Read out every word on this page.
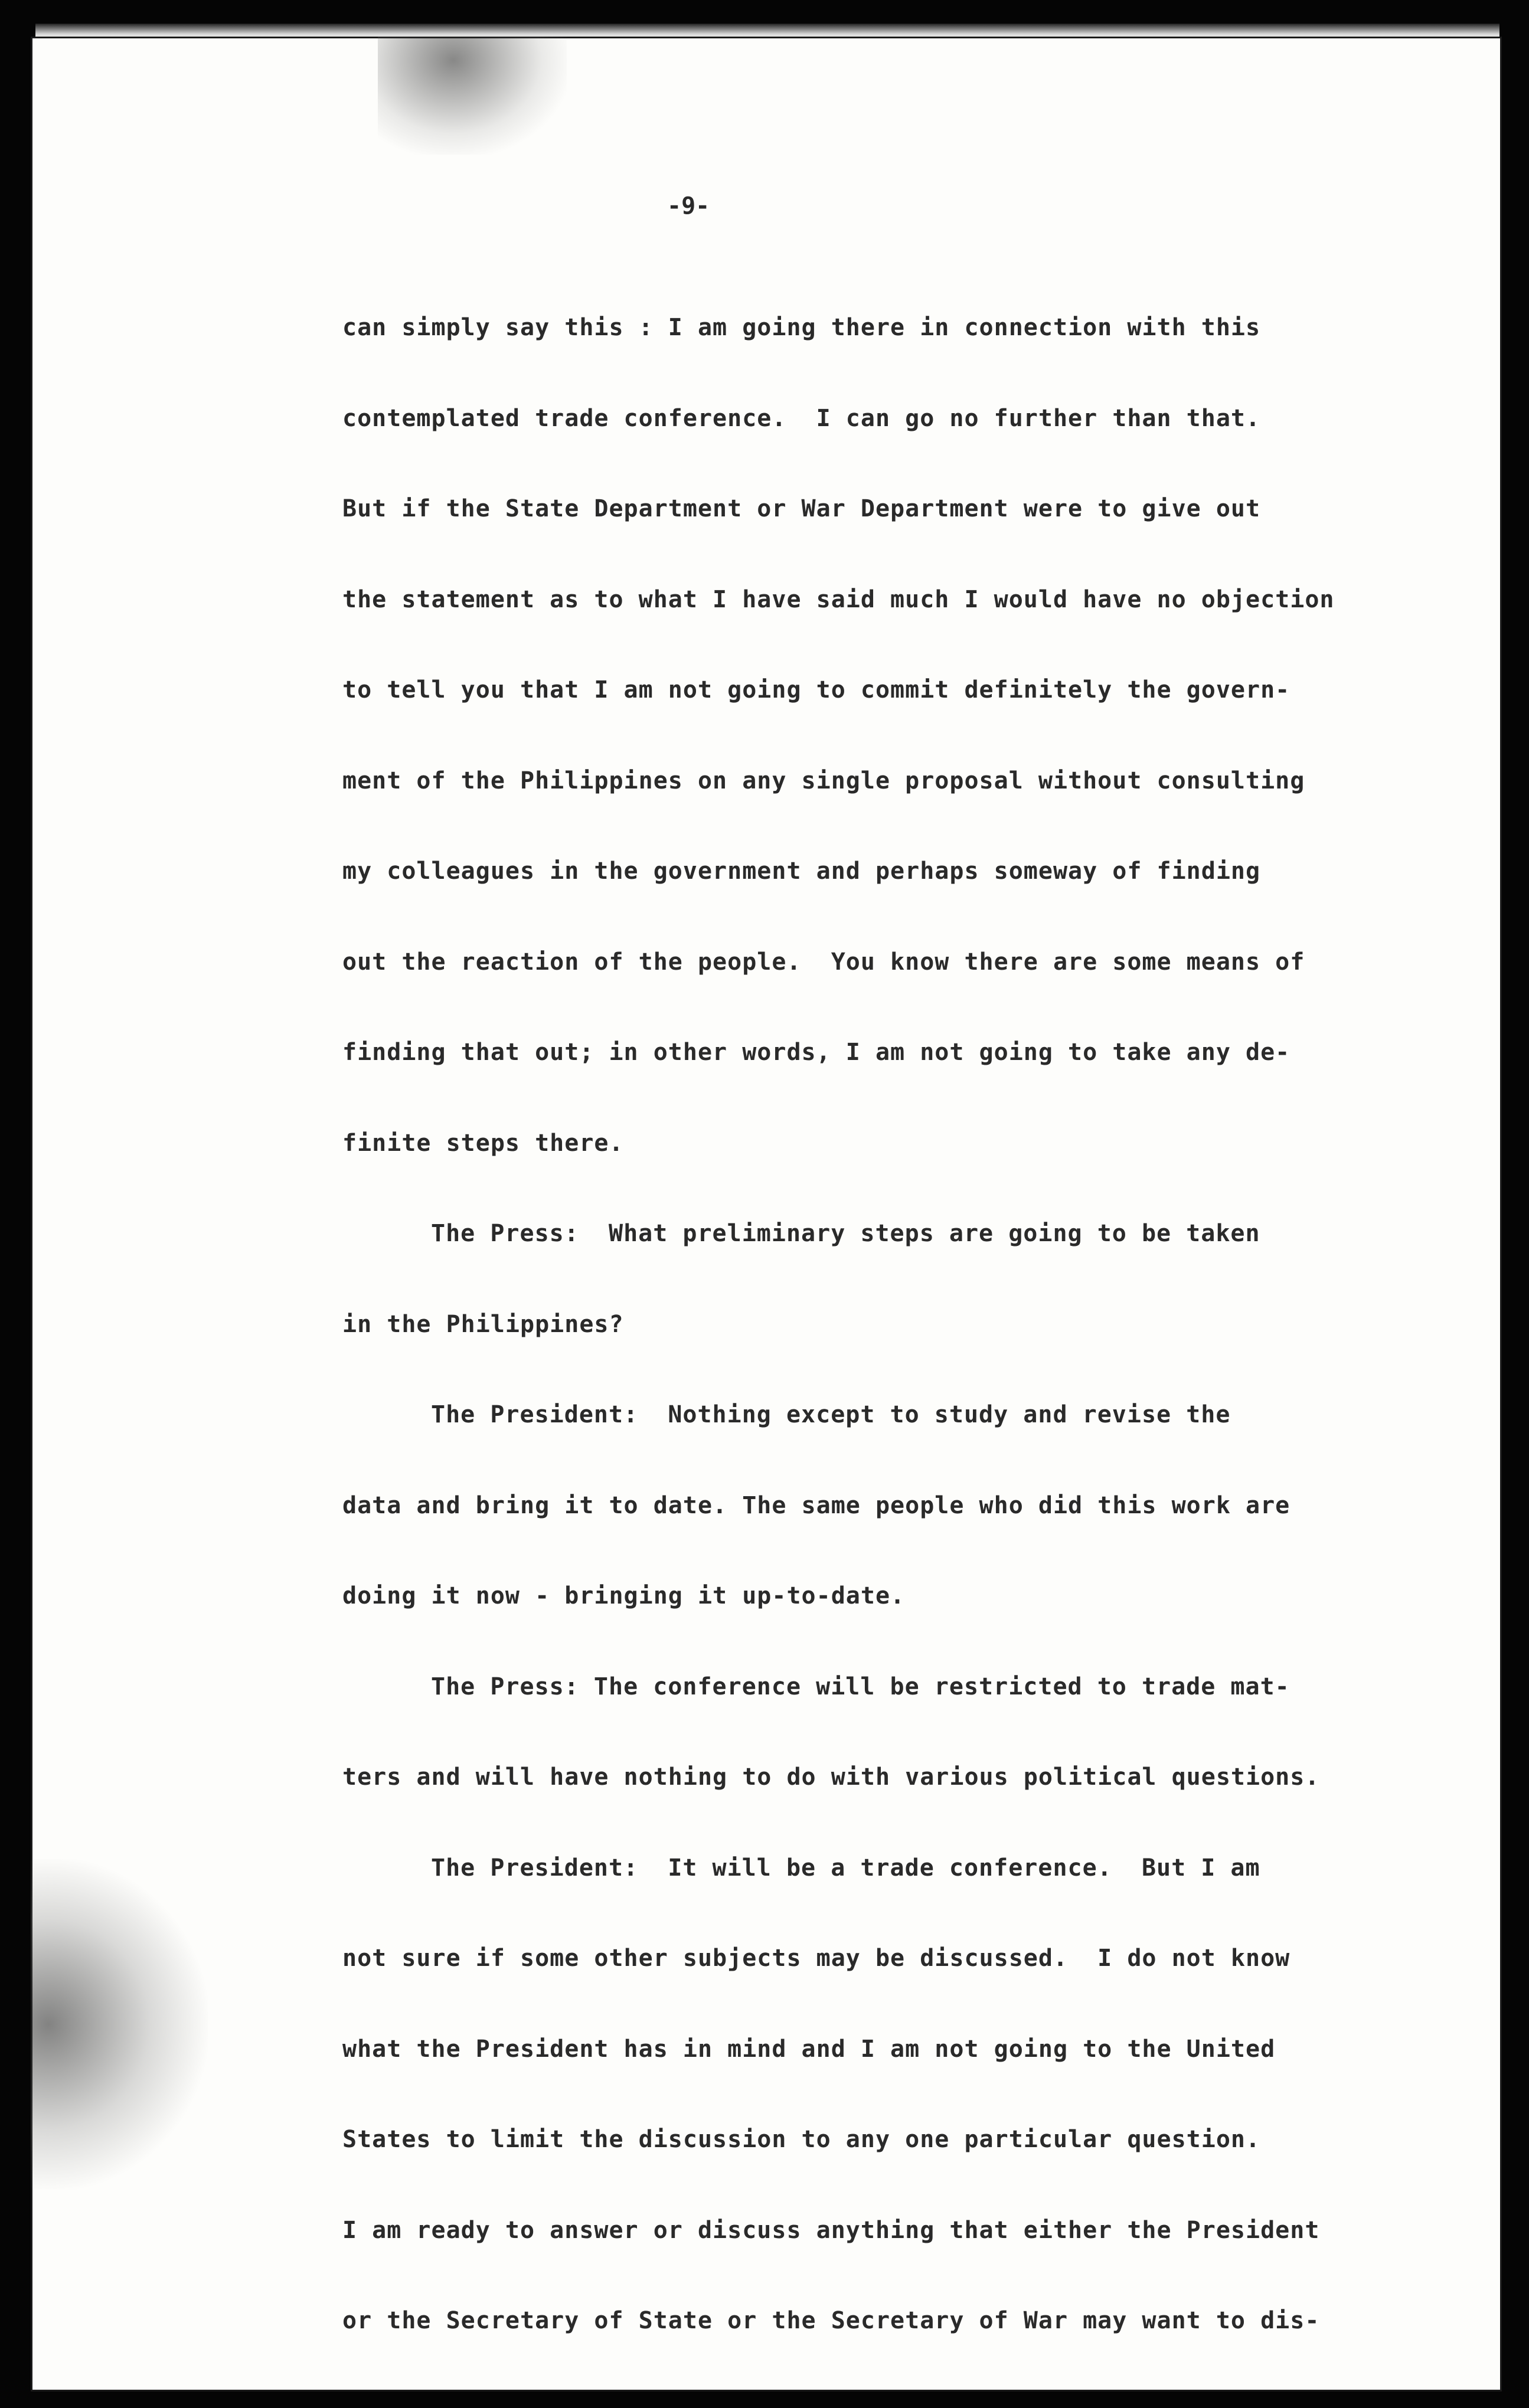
-9-
can simply say this : I am going there in connection with this
contemplated trade conference.  I can go no further than that.
But if the State Department or War Department were to give out
the statement as to what I have said much I would have no objection
to tell you that I am not going to commit definitely the govern-
ment of the Philippines on any single proposal without consulting
my colleagues in the government and perhaps someway of finding
out the reaction of the people.  You know there are some means of
finding that out; in other words, I am not going to take any de-
finite steps there.
The Press:  What preliminary steps are going to be taken
in the Philippines?
The President:  Nothing except to study and revise the
data and bring it to date. The same people who did this work are
doing it now - bringing it up-to-date.
The Press: The conference will be restricted to trade mat-
ters and will have nothing to do with various political questions.
The President:  It will be a trade conference.  But I am
not sure if some other subjects may be discussed.  I do not know
what the President has in mind and I am not going to the United
States to limit the discussion to any one particular question.
I am ready to answer or discuss anything that either the President
or the Secretary of State or the Secretary of War may want to dis-
